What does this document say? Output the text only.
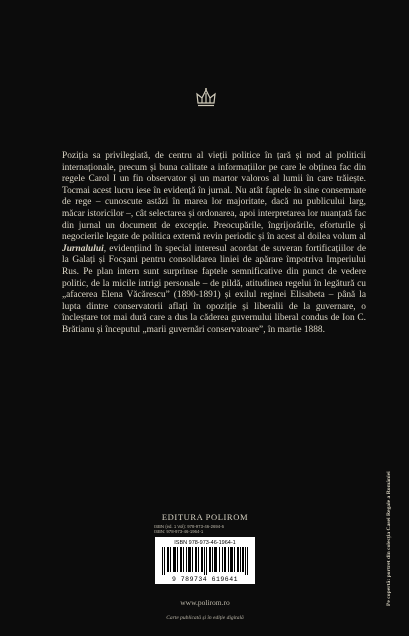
Poziția sa privilegiată, de centru al vieții politice în țară și nod al politicii internaționale, precum și buna calitate a informațiilor pe care le obținea fac din regele Carol I un fin observator și un martor valoros al lumii în care trăiește. Tocmai acest lucru iese în evidență în jurnal. Nu atât faptele în sine consemnate de rege – cunoscute astăzi în marea lor majoritate, dacă nu publicului larg, măcar istoricilor –, cât selectarea și ordonarea, apoi interpretarea lor nuanțată fac din jurnal un document de excepție. Preocupările, îngrijorările, eforturile și negocierile legate de politica externă revin periodic și în acest al doilea volum al Jurnalului, evidențiind în special interesul acordat de suveran fortificațiilor de la Galați și Focșani pentru consolidarea liniei de apărare împotriva Imperiului Rus. Pe plan intern sunt surprinse faptele semnificative din punct de vedere politic, de la micile intrigi personale – de pildă, atitudinea regelui în legătură cu „afacerea Elena Văcărescu” (1890-1891) și exilul reginei Elisabeta – până la lupta dintre conservatorii aflați în opoziție și liberalii de la guvernare, o încleștare tot mai dură care a dus la căderea guvernului liberal condus de Ion C. Brătianu și începutul „marii guvernări conservatoare”, în martie 1888.

EDITURA POLIROM
ISBN (ed. 1 Vol): 978-973-46-2694-6
ISBN: 978-973-46-1964-1
ISBN 978-973-46-1964-1
9 789734 619641
www.polirom.ro
Carte publicată și în ediție digitală
Pe copertă: portret din colecția Casei Regale a României
